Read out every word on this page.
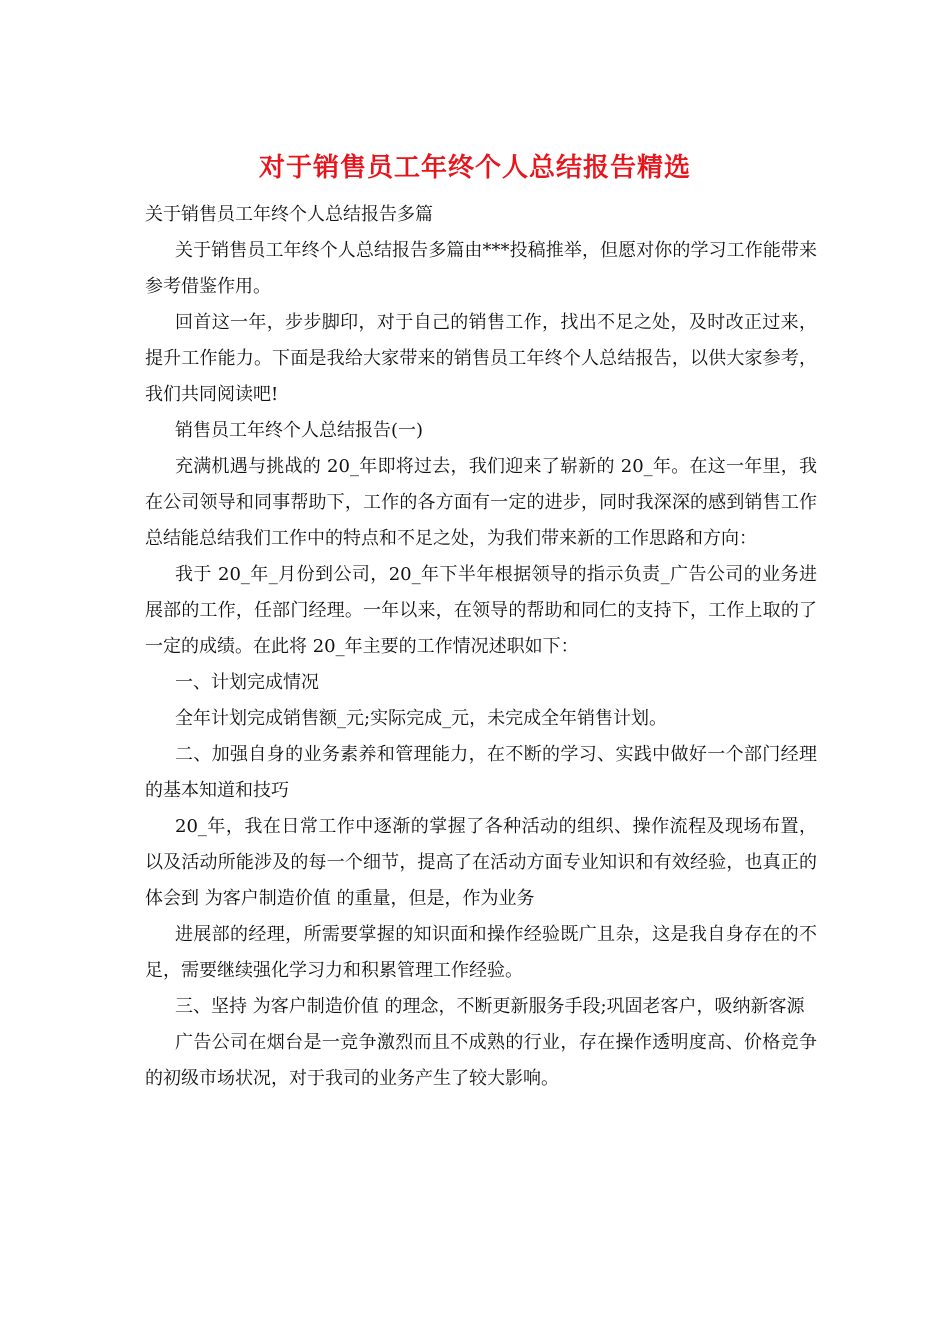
对于销售员工年终个人总结报告精选

关于销售员工年终个人总结报告多篇

关于销售员工年终个人总结报告多篇由***投稿推举，但愿对你的学习工作能带来参考借鉴作用。

回首这一年，步步脚印，对于自己的销售工作，找出不足之处，及时改正过来，提升工作能力。下面是我给大家带来的销售员工年终个人总结报告，以供大家参考，我们共同阅读吧!

销售员工年终个人总结报告(一)

充满机遇与挑战的 20_年即将过去，我们迎来了崭新的 20_年。在这一年里，我在公司领导和同事帮助下，工作的各方面有一定的进步，同时我深深的感到销售工作总结能总结我们工作中的特点和不足之处，为我们带来新的工作思路和方向：

我于 20_年_月份到公司，20_年下半年根据领导的指示负责_广告公司的业务进展部的工作，任部门经理。一年以来，在领导的帮助和同仁的支持下，工作上取的了一定的成绩。在此将 20_年主要的工作情况述职如下：

一、计划完成情况

全年计划完成销售额_元;实际完成_元，未完成全年销售计划。

二、加强自身的业务素养和管理能力，在不断的学习、实践中做好一个部门经理的基本知道和技巧

20_年，我在日常工作中逐渐的掌握了各种活动的组织、操作流程及现场布置，以及活动所能涉及的每一个细节，提高了在活动方面专业知识和有效经验，也真正的体会到 为客户制造价值 的重量，但是，作为业务

进展部的经理，所需要掌握的知识面和操作经验既广且杂，这是我自身存在的不足，需要继续强化学习力和积累管理工作经验。

三、坚持 为客户制造价值 的理念，不断更新服务手段;巩固老客户，吸纳新客源

广告公司在烟台是一竞争激烈而且不成熟的行业，存在操作透明度高、价格竞争的初级市场状况，对于我司的业务产生了较大影响。
